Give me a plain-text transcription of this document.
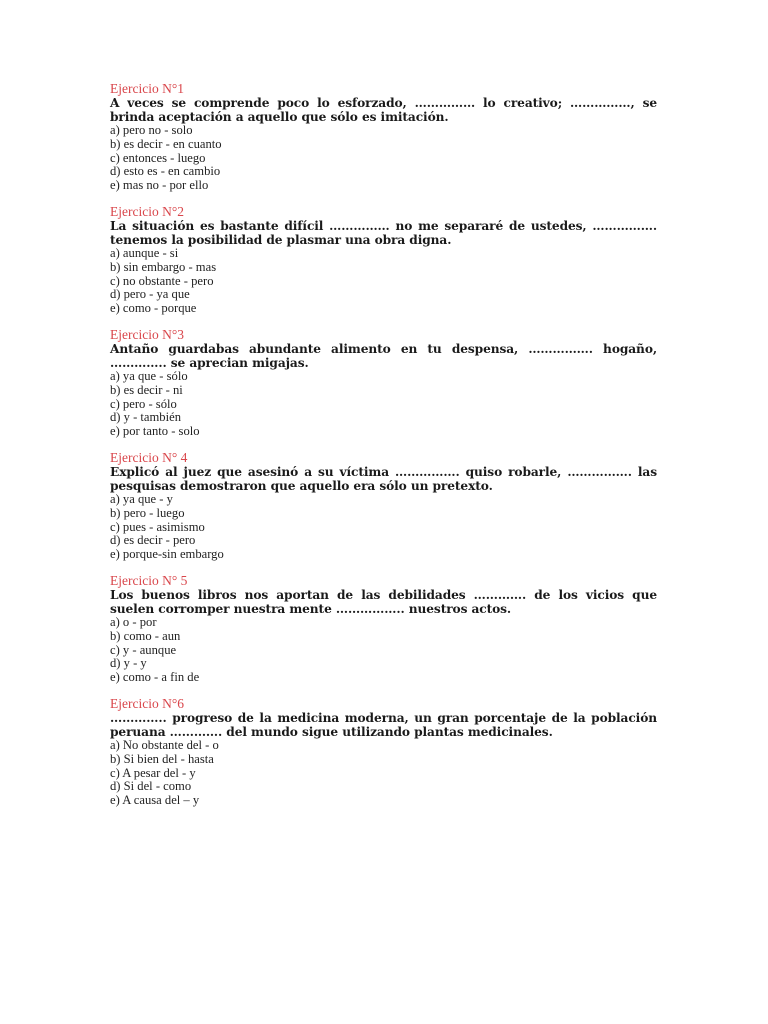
Ejercicio N°1
A veces se comprende poco lo esforzado, …………… lo creativo; ……………, se brinda aceptación a aquello que sólo es imitación.
a) pero no - solo
b) es decir - en cuanto
c) entonces - luego
d) esto es - en cambio
e) mas no - por ello
Ejercicio N°2
La situación es bastante difícil …………… no me separaré de ustedes, ……………. tenemos la posibilidad de plasmar una obra digna.
a) aunque - si
b) sin embargo - mas
c) no obstante - pero
d) pero - ya que
e) como - porque
Ejercicio N°3
Antaño guardabas abundante alimento en tu despensa, ……………. hogaño, ………….. se aprecian migajas.
a) ya que - sólo
b) es decir - ni
c) pero - sólo
d) y - también
e) por tanto - solo
Ejercicio N° 4
Explicó al juez que asesinó a su víctima ……………. quiso robarle, ……………. las pesquisas demostraron que aquello era sólo un pretexto.
a) ya que - y
b) pero - luego
c) pues - asimismo
d) es decir - pero
e) porque-sin embargo
Ejercicio N° 5
Los buenos libros nos aportan de las debilidades …………. de los vicios que suelen corromper nuestra mente …………….. nuestros actos.
a) o - por
b) como - aun
c) y - aunque
d) y - y
e) como - a fin de
Ejercicio N°6
………….. progreso de la medicina moderna, un gran porcentaje de la población peruana …………. del mundo sigue utilizando plantas medicinales.
a) No obstante del - o
b) Si bien del - hasta
c) A pesar del - y
d) Si del - como
e) A causa del – y
